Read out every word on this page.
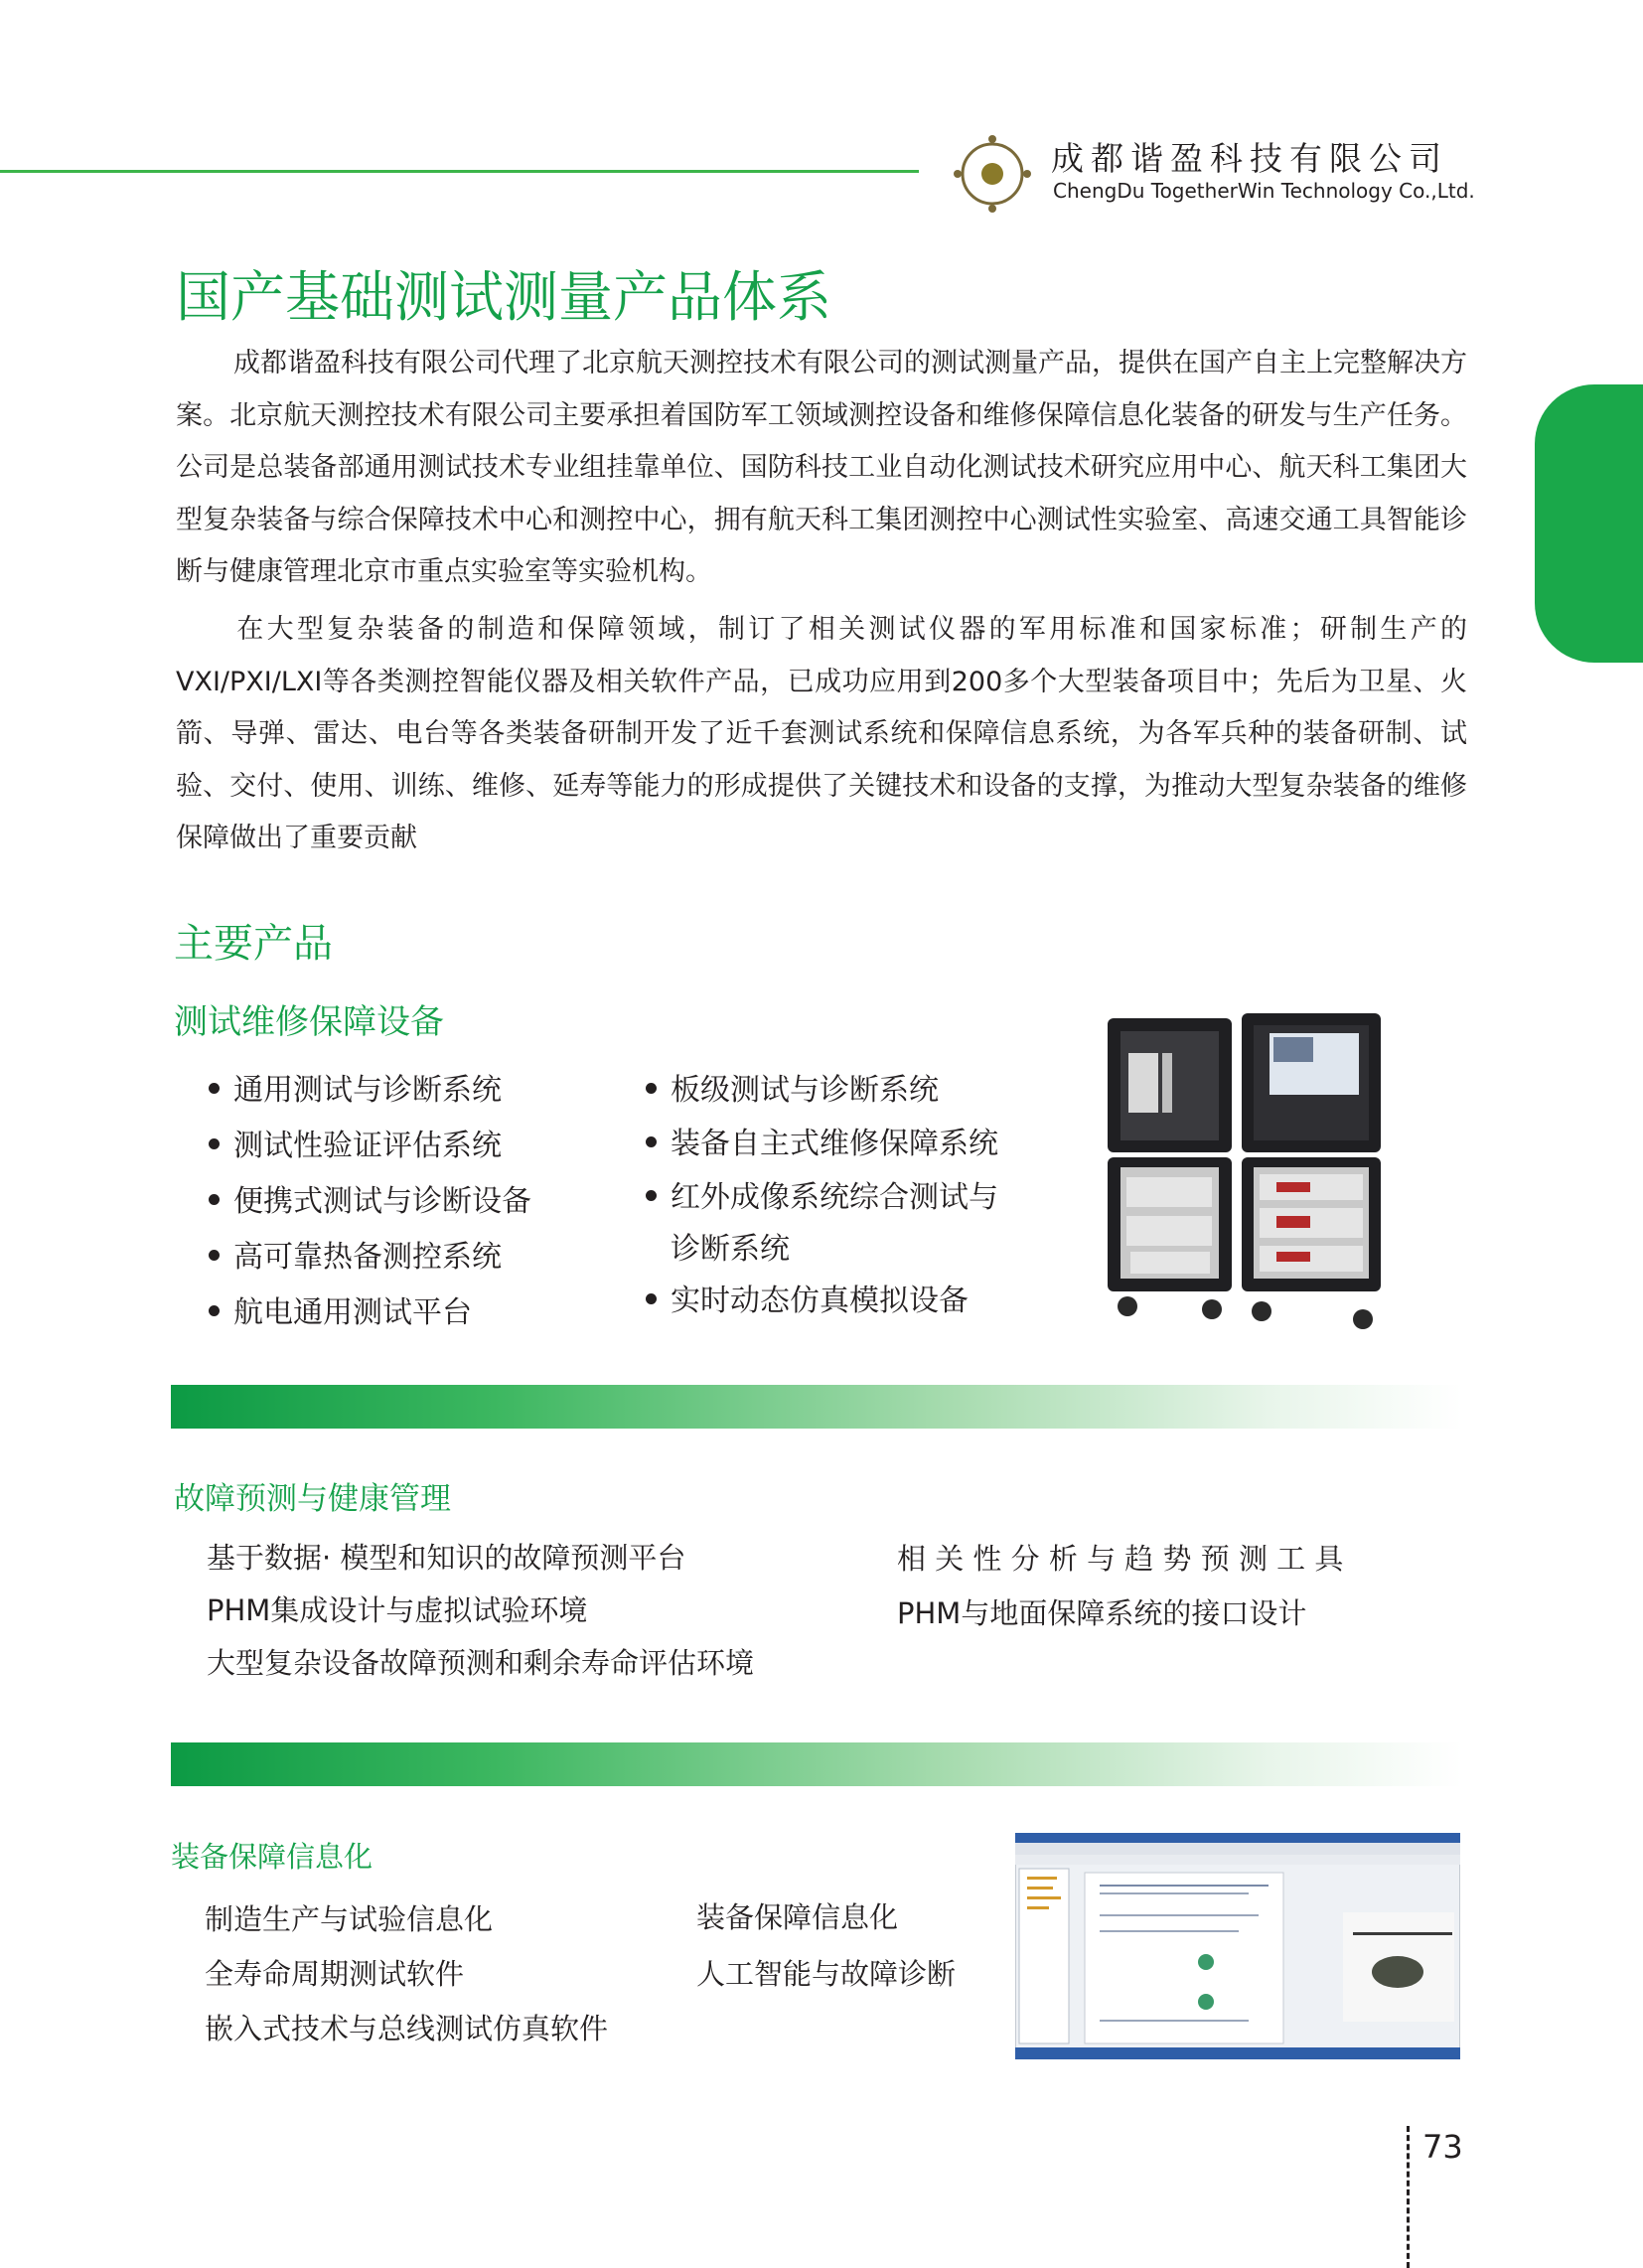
成都谐盈科技有限公司
ChengDu TogetherWin Technology Co.,Ltd.
国产基础测试测量产品体系

成都谐盈科技有限公司代理了北京航天测控技术有限公司的测试测量产品，提供在国产自主上完整解决方案。北京航天测控技术有限公司主要承担着国防军工领域测控设备和维修保障信息化装备的研发与生产任务。公司是总装备部通用测试技术专业组挂靠单位、国防科技工业自动化测试技术研究应用中心、航天科工集团大型复杂装备与综合保障技术中心和测控中心，拥有航天科工集团测控中心测试性实验室、高速交通工具智能诊断与健康管理北京市重点实验室等实验机构。

在大型复杂装备的制造和保障领域，制订了相关测试仪器的军用标准和国家标准；研制生产的VXI/PXI/LXI等各类测控智能仪器及相关软件产品，已成功应用到200多个大型装备项目中；先后为卫星、火箭、导弹、雷达、电台等各类装备研制开发了近千套测试系统和保障信息系统，为各军兵种的装备研制、试验、交付、使用、训练、维修、延寿等能力的形成提供了关键技术和设备的支撑，为推动大型复杂装备的维修保障做出了重要贡献

主要产品
测试维修保障设备
通用测试与诊断系统
测试性验证评估系统
便携式测试与诊断设备
高可靠热备测控系统
航电通用测试平台
板级测试与诊断系统
装备自主式维修保障系统
红外成像系统综合测试与
诊断系统
实时动态仿真模拟设备
故障预测与健康管理
基于数据· 模型和知识的故障预测平台
PHM集成设计与虚拟试验环境
大型复杂设备故障预测和剩余寿命评估环境
相 关 性 分 析 与 趋 势 预 测 工 具
PHM与地面保障系统的接口设计
装备保障信息化
制造生产与试验信息化
全寿命周期测试软件
嵌入式技术与总线测试仿真软件
装备保障信息化
人工智能与故障诊断
73
